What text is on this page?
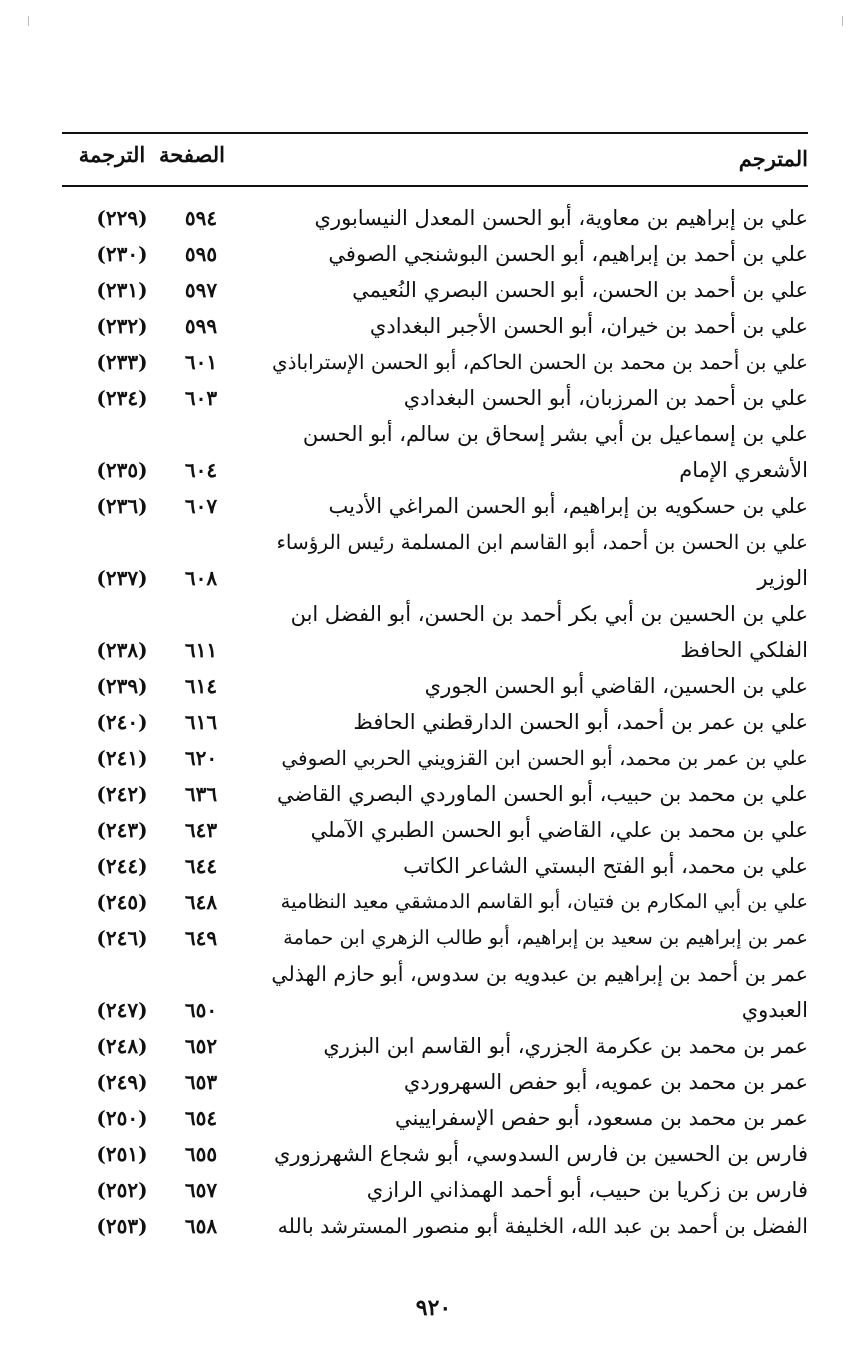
المترجم
الصفحة
الترجمة
علي بن إبراهيم بن معاوية، أبو الحسن المعدل النيسابوري
٥٩٤
(٢٢٩)
علي بن أحمد بن إبراهيم، أبو الحسن البوشنجي الصوفي
٥٩٥
(٢٣٠)
علي بن أحمد بن الحسن، أبو الحسن البصري النُعيمي
٥٩٧
(٢٣١)
علي بن أحمد بن خيران، أبو الحسن الأجبر البغدادي
٥٩٩
(٢٣٢)
علي بن أحمد بن محمد بن الحسن الحاكم، أبو الحسن الإستراباذي
٦٠١
(٢٣٣)
علي بن أحمد بن المرزبان، أبو الحسن البغدادي
٦٠٣
(٢٣٤)
علي بن إسماعيل بن أبي بشر إسحاق بن سالم، أبو الحسن
الأشعري الإمام
٦٠٤
(٢٣٥)
علي بن حسكويه بن إبراهيم، أبو الحسن المراغي الأديب
٦٠٧
(٢٣٦)
علي بن الحسن بن أحمد، أبو القاسم ابن المسلمة رئيس الرؤساء
الوزير
٦٠٨
(٢٣٧)
علي بن الحسين بن أبي بكر أحمد بن الحسن، أبو الفضل ابن
الفلكي الحافظ
٦١١
(٢٣٨)
علي بن الحسين، القاضي أبو الحسن الجوري
٦١٤
(٢٣٩)
علي بن عمر بن أحمد، أبو الحسن الدارقطني الحافظ
٦١٦
(٢٤٠)
علي بن عمر بن محمد، أبو الحسن ابن القزويني الحربي الصوفي
٦٢٠
(٢٤١)
علي بن محمد بن حبيب، أبو الحسن الماوردي البصري القاضي
٦٣٦
(٢٤٢)
علي بن محمد بن علي، القاضي أبو الحسن الطبري الآملي
٦٤٣
(٢٤٣)
علي بن محمد، أبو الفتح البستي الشاعر الكاتب
٦٤٤
(٢٤٤)
علي بن أبي المكارم بن فتيان، أبو القاسم الدمشقي معيد النظامية
٦٤٨
(٢٤٥)
عمر بن إبراهيم بن سعيد بن إبراهيم، أبو طالب الزهري ابن حمامة
٦٤٩
(٢٤٦)
عمر بن أحمد بن إبراهيم بن عبدويه بن سدوس، أبو حازم الهذلي
العبدوي
٦٥٠
(٢٤٧)
عمر بن محمد بن عكرمة الجزري، أبو القاسم ابن البزري
٦٥٢
(٢٤٨)
عمر بن محمد بن عمويه، أبو حفص السهروردي
٦٥٣
(٢٤٩)
عمر بن محمد بن مسعود، أبو حفص الإسفراييني
٦٥٤
(٢٥٠)
فارس بن الحسين بن فارس السدوسي، أبو شجاع الشهرزوري
٦٥٥
(٢٥١)
فارس بن زكريا بن حبيب، أبو أحمد الهمذاني الرازي
٦٥٧
(٢٥٢)
الفضل بن أحمد بن عبد الله، الخليفة أبو منصور المسترشد بالله
٦٥٨
(٢٥٣)
٩٢٠
